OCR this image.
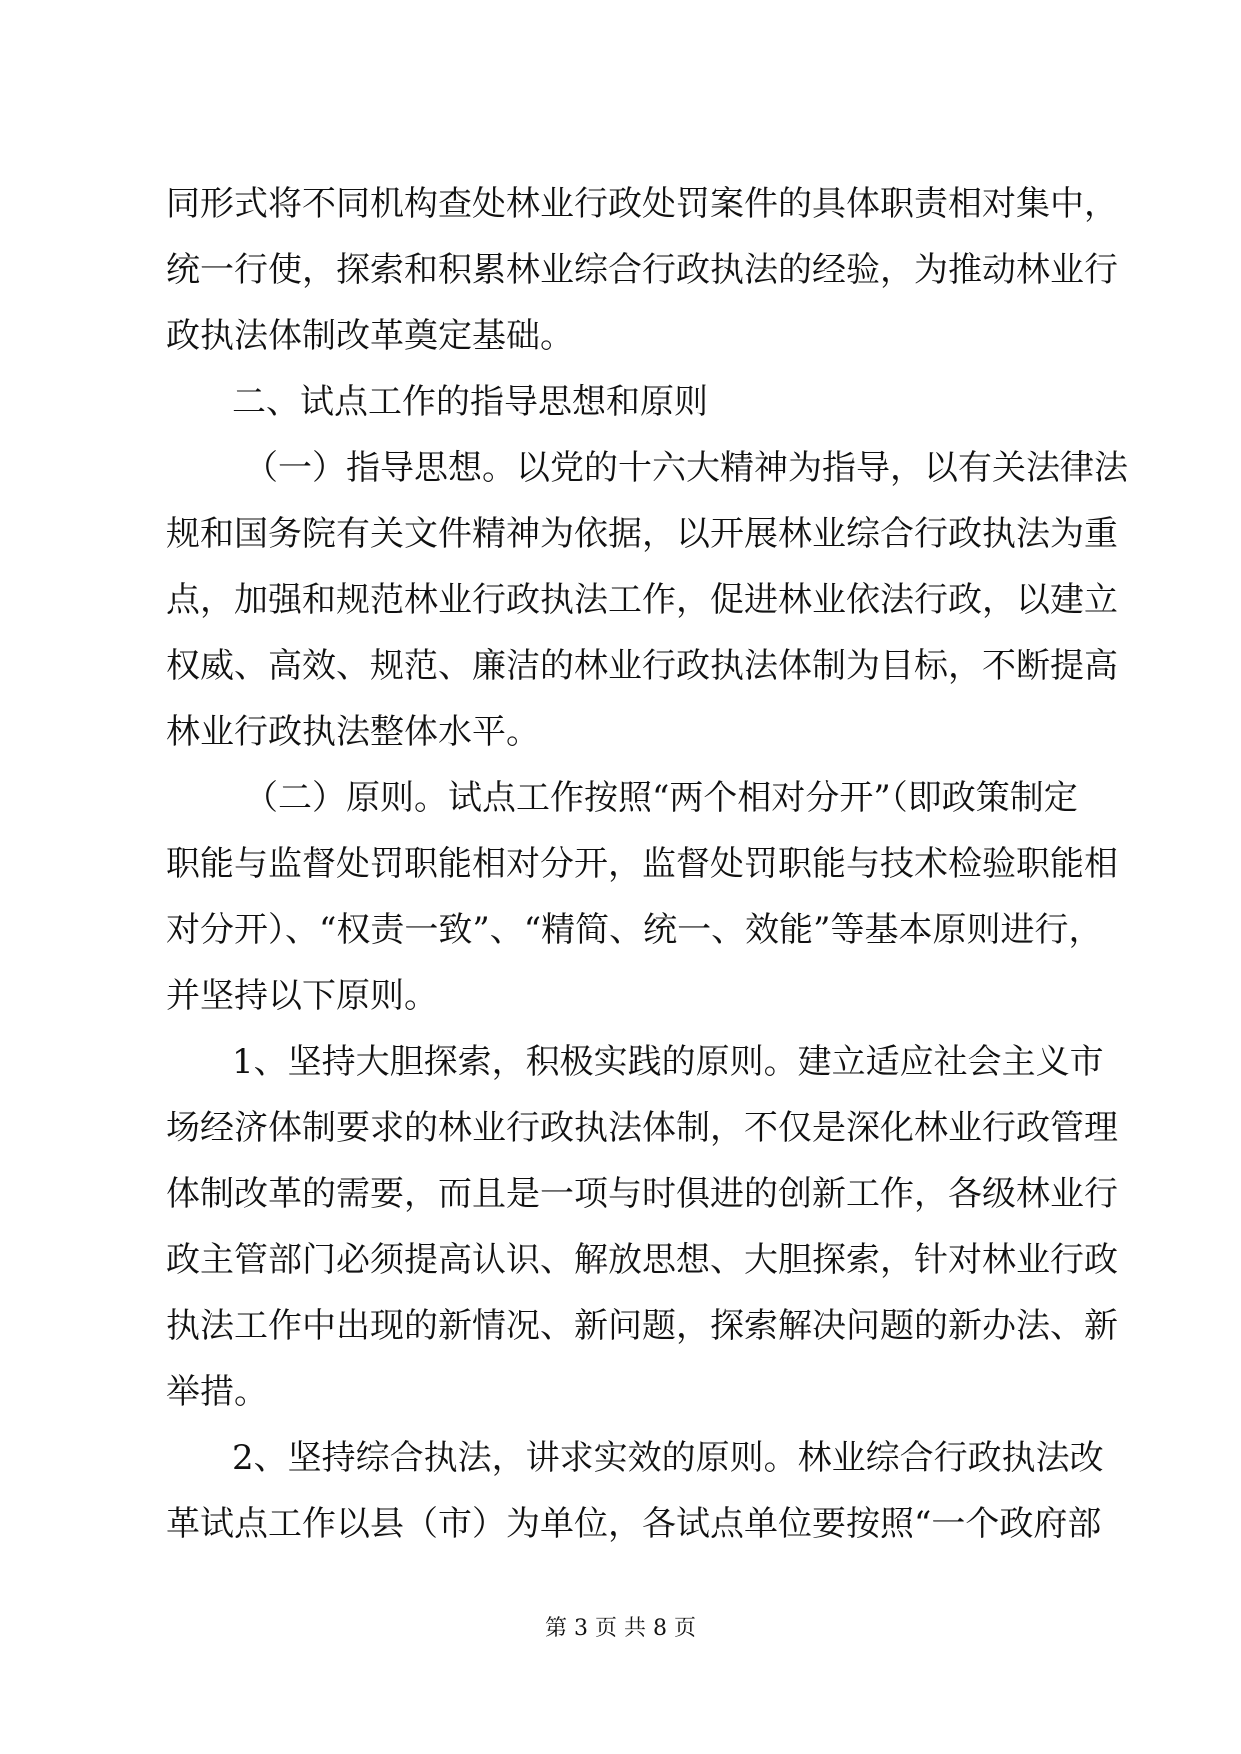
同形式将不同机构查处林业行政处罚案件的具体职责相对集中，
统一行使，探索和积累林业综合行政执法的经验，为推动林业行
政执法体制改革奠定基础。
二、试点工作的指导思想和原则
（一）指导思想。以党的十六大精神为指导，以有关法律法
规和国务院有关文件精神为依据，以开展林业综合行政执法为重
点，加强和规范林业行政执法工作，促进林业依法行政，以建立
权威、高效、规范、廉洁的林业行政执法体制为目标，不断提高
林业行政执法整体水平。
（二）原则。试点工作按照“两个相对分开”（即政策制定
职能与监督处罚职能相对分开，监督处罚职能与技术检验职能相
对分开）、“权责一致”、“精简、统一、效能”等基本原则进行，
并坚持以下原则。
1、坚持大胆探索，积极实践的原则。建立适应社会主义市
场经济体制要求的林业行政执法体制，不仅是深化林业行政管理
体制改革的需要，而且是一项与时俱进的创新工作，各级林业行
政主管部门必须提高认识、解放思想、大胆探索，针对林业行政
执法工作中出现的新情况、新问题，探索解决问题的新办法、新
举措。
2、坚持综合执法，讲求实效的原则。林业综合行政执法改
革试点工作以县（市）为单位，各试点单位要按照“一个政府部
第 3 页 共 8 页
